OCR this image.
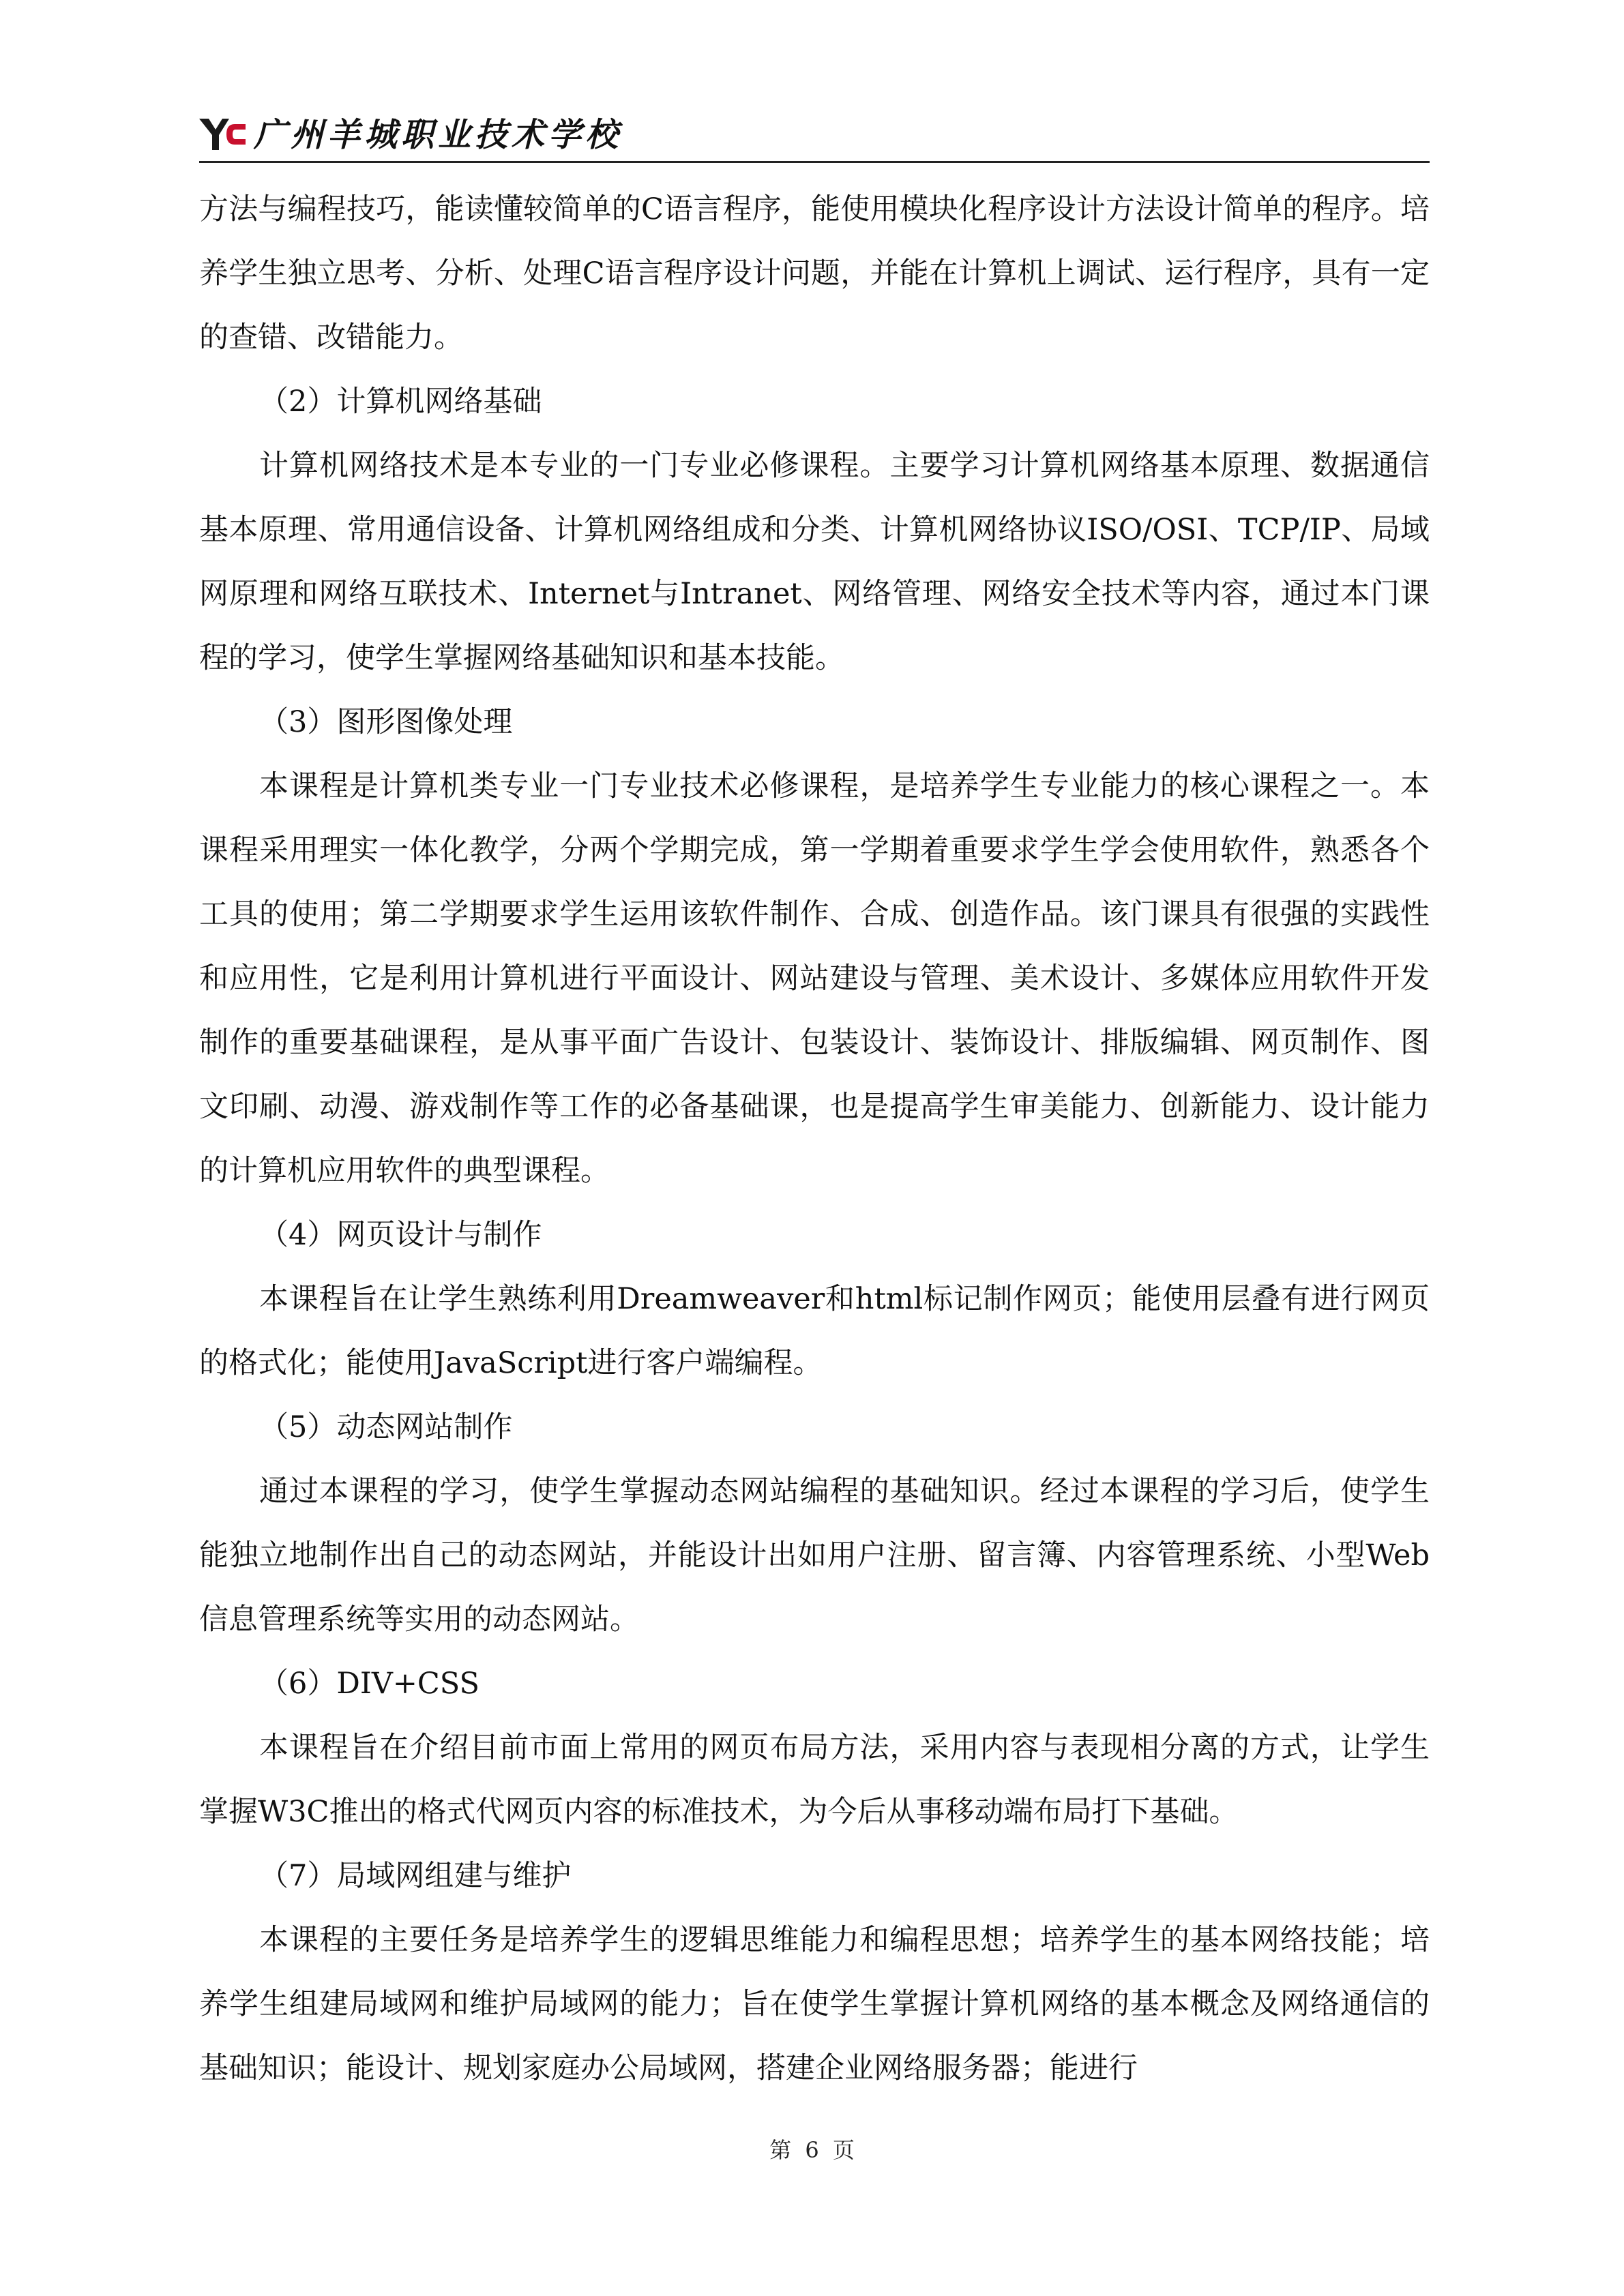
广州羊城职业技术学校

方法与编程技巧，能读懂较简单的C语言程序，能使用模块化程序设计方法设计简单的程序。培养学生独立思考、分析、处理C语言程序设计问题，并能在计算机上调试、运行程序，具有一定的查错、改错能力。

（2）计算机网络基础

计算机网络技术是本专业的一门专业必修课程。主要学习计算机网络基本原理、数据通信基本原理、常用通信设备、计算机网络组成和分类、计算机网络协议ISO/OSI、TCP/IP、局域网原理和网络互联技术、Internet与Intranet、网络管理、网络安全技术等内容，通过本门课程的学习，使学生掌握网络基础知识和基本技能。

（3）图形图像处理

本课程是计算机类专业一门专业技术必修课程，是培养学生专业能力的核心课程之一。本课程采用理实一体化教学，分两个学期完成，第一学期着重要求学生学会使用软件，熟悉各个工具的使用；第二学期要求学生运用该软件制作、合成、创造作品。该门课具有很强的实践性和应用性，它是利用计算机进行平面设计、网站建设与管理、美术设计、多媒体应用软件开发制作的重要基础课程，是从事平面广告设计、包装设计、装饰设计、排版编辑、网页制作、图文印刷、动漫、游戏制作等工作的必备基础课，也是提高学生审美能力、创新能力、设计能力的计算机应用软件的典型课程。

（4）网页设计与制作

本课程旨在让学生熟练利用Dreamweaver和html标记制作网页；能使用层叠有进行网页的格式化；能使用JavaScript进行客户端编程。

（5）动态网站制作

通过本课程的学习，使学生掌握动态网站编程的基础知识。经过本课程的学习后，使学生能独立地制作出自己的动态网站，并能设计出如用户注册、留言簿、内容管理系统、小型Web信息管理系统等实用的动态网站。

（6）DIV+CSS

本课程旨在介绍目前市面上常用的网页布局方法，采用内容与表现相分离的方式，让学生掌握W3C推出的格式代网页内容的标准技术，为今后从事移动端布局打下基础。

（7）局域网组建与维护

本课程的主要任务是培养学生的逻辑思维能力和编程思想；培养学生的基本网络技能；培养学生组建局域网和维护局域网的能力；旨在使学生掌握计算机网络的基本概念及网络通信的基础知识；能设计、规划家庭办公局域网，搭建企业网络服务器；能进行

第 6 页
